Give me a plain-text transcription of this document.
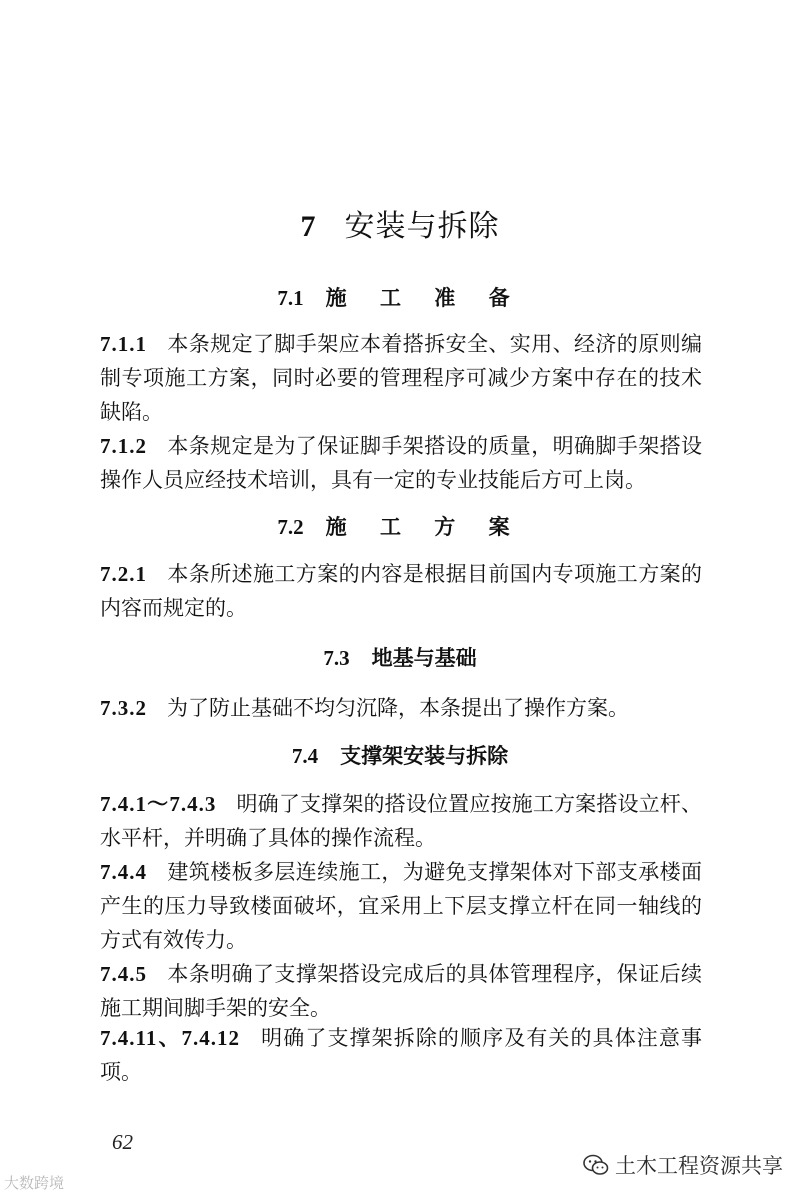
7 安装与拆除
7.1 施 工 准 备
7.1.1 本条规定了脚手架应本着搭拆安全、实用、经济的原则编制专项施工方案，同时必要的管理程序可减少方案中存在的技术缺陷。
7.1.2 本条规定是为了保证脚手架搭设的质量，明确脚手架搭设操作人员应经技术培训，具有一定的专业技能后方可上岗。
7.2 施 工 方 案
7.2.1 本条所述施工方案的内容是根据目前国内专项施工方案的内容而规定的。
7.3 地基与基础
7.3.2 为了防止基础不均匀沉降，本条提出了操作方案。
7.4 支撑架安装与拆除
7.4.1～7.4.3 明确了支撑架的搭设位置应按施工方案搭设立杆、水平杆，并明确了具体的操作流程。
7.4.4 建筑楼板多层连续施工，为避免支撑架体对下部支承楼面产生的压力导致楼面破坏，宜采用上下层支撑立杆在同一轴线的方式有效传力。
7.4.5 本条明确了支撑架搭设完成后的具体管理程序，保证后续施工期间脚手架的安全。
7.4.11、7.4.12 明确了支撑架拆除的顺序及有关的具体注意事项。
62
大数跨境
土木工程资源共享
